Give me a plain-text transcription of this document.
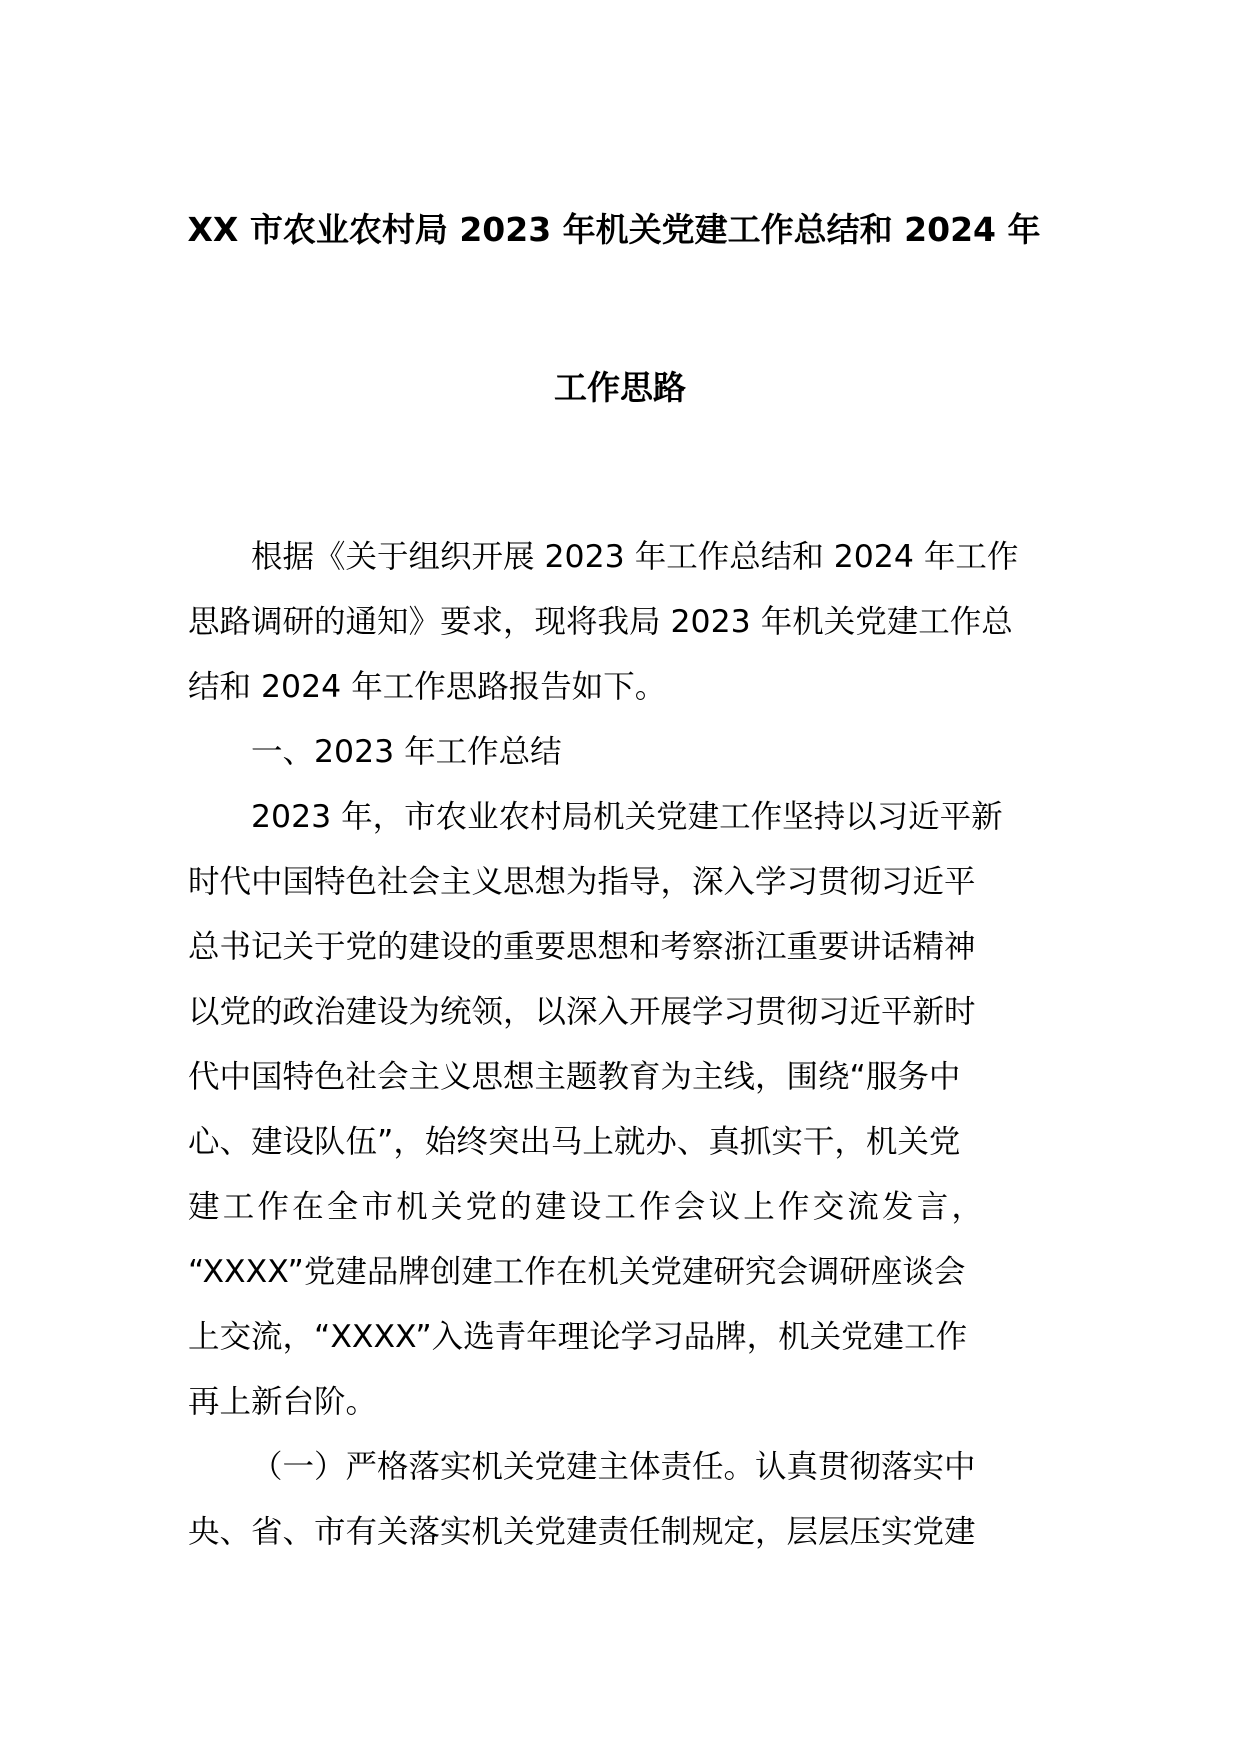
XX 市农业农村局 2023 年机关党建工作总结和 2024 年
工作思路
根据《关于组织开展 2023 年工作总结和 2024 年工作
思路调研的通知》要求，现将我局 2023 年机关党建工作总
结和 2024 年工作思路报告如下。
一、2023 年工作总结
2023 年，市农业农村局机关党建工作坚持以习近平新
时代中国特色社会主义思想为指导，深入学习贯彻习近平
总书记关于党的建设的重要思想和考察浙江重要讲话精神
以党的政治建设为统领，以深入开展学习贯彻习近平新时
代中国特色社会主义思想主题教育为主线，围绕“服务中
心、建设队伍”，始终突出马上就办、真抓实干，机关党
建工作在全市机关党的建设工作会议上作交流发言，
“XXXX”党建品牌创建工作在机关党建研究会调研座谈会
上交流，“XXXX”入选青年理论学习品牌，机关党建工作
再上新台阶。
（一）严格落实机关党建主体责任。认真贯彻落实中
央、省、市有关落实机关党建责任制规定，层层压实党建
